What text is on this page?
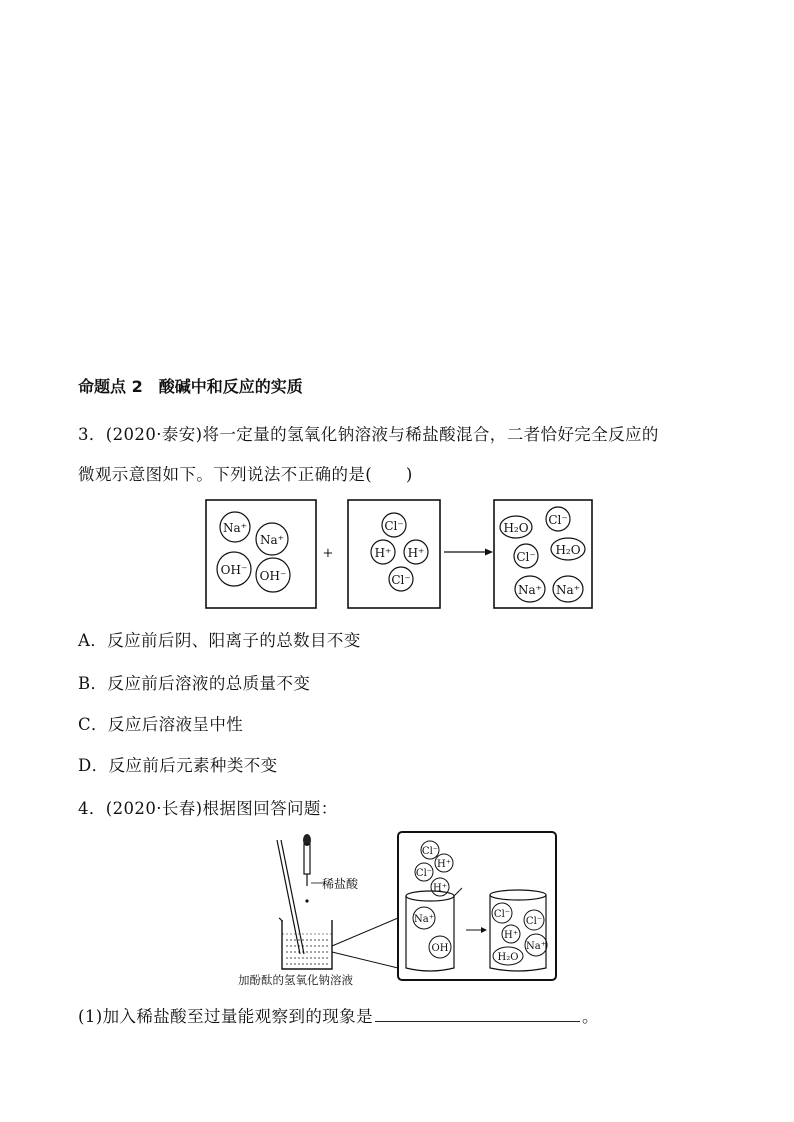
命题点 2　酸碱中和反应的实质
3．(2020·泰安)将一定量的氢氧化钠溶液与稀盐酸混合，二者恰好完全反应的
微观示意图如下。下列说法不正确的是(　　)
Na⁺
Na⁺
OH⁻ OH⁻
+
Cl⁻
H⁺ H⁺
Cl⁻
H₂O
Cl⁻
Cl⁻ H₂O
Na⁺ Na⁺
A．反应前后阴、阳离子的总数目不变
B．反应前后溶液的总质量不变
C．反应后溶液呈中性
D．反应前后元素种类不变
4．(2020·长春)根据图回答问题：
稀盐酸
加酚酞的氢氧化钠溶液
Cl⁻
H⁺
Cl⁻
H⁺
Na⁺
OH
Cl⁻
Cl⁻
H⁺
Na⁺
H₂O
(1)加入稀盐酸至过量能观察到的现象是	。
